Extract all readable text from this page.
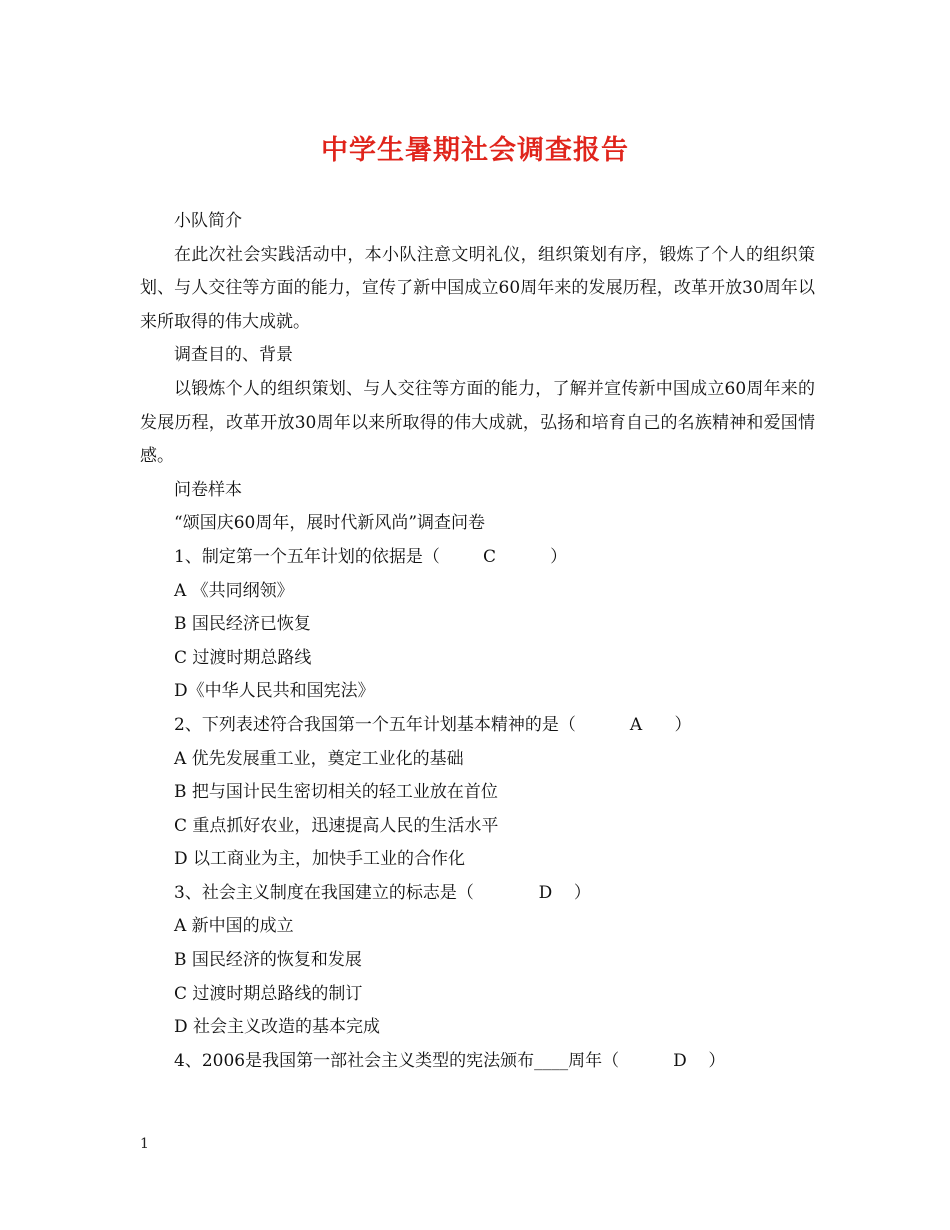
中学生暑期社会调查报告

小队简介

在此次社会实践活动中，本小队注意文明礼仪，组织策划有序，锻炼了个人的组织策划、与人交往等方面的能力，宣传了新中国成立60周年来的发展历程，改革开放30周年以来所取得的伟大成就。

调查目的、背景

以锻炼个人的组织策划、与人交往等方面的能力，了解并宣传新中国成立60周年来的发展历程，改革开放30周年以来所取得的伟大成就，弘扬和培育自己的名族精神和爱国情感。

问卷样本

“颂国庆60周年，展时代新风尚”调查问卷

1、制定第一个五年计划的依据是（        C          ）

A 《共同纲领》

B 国民经济已恢复

C 过渡时期总路线

D《中华人民共和国宪法》

2、下列表述符合我国第一个五年计划基本精神的是（          A      ）

A 优先发展重工业，奠定工业化的基础

B 把与国计民生密切相关的轻工业放在首位

C 重点抓好农业，迅速提高人民的生活水平

D 以工商业为主，加快手工业的合作化

3、社会主义制度在我国建立的标志是（            D    ）

A 新中国的成立

B 国民经济的恢复和发展

C 过渡时期总路线的制订

D 社会主义改造的基本完成

4、2006是我国第一部社会主义类型的宪法颁布____周年（          D    ）

1
